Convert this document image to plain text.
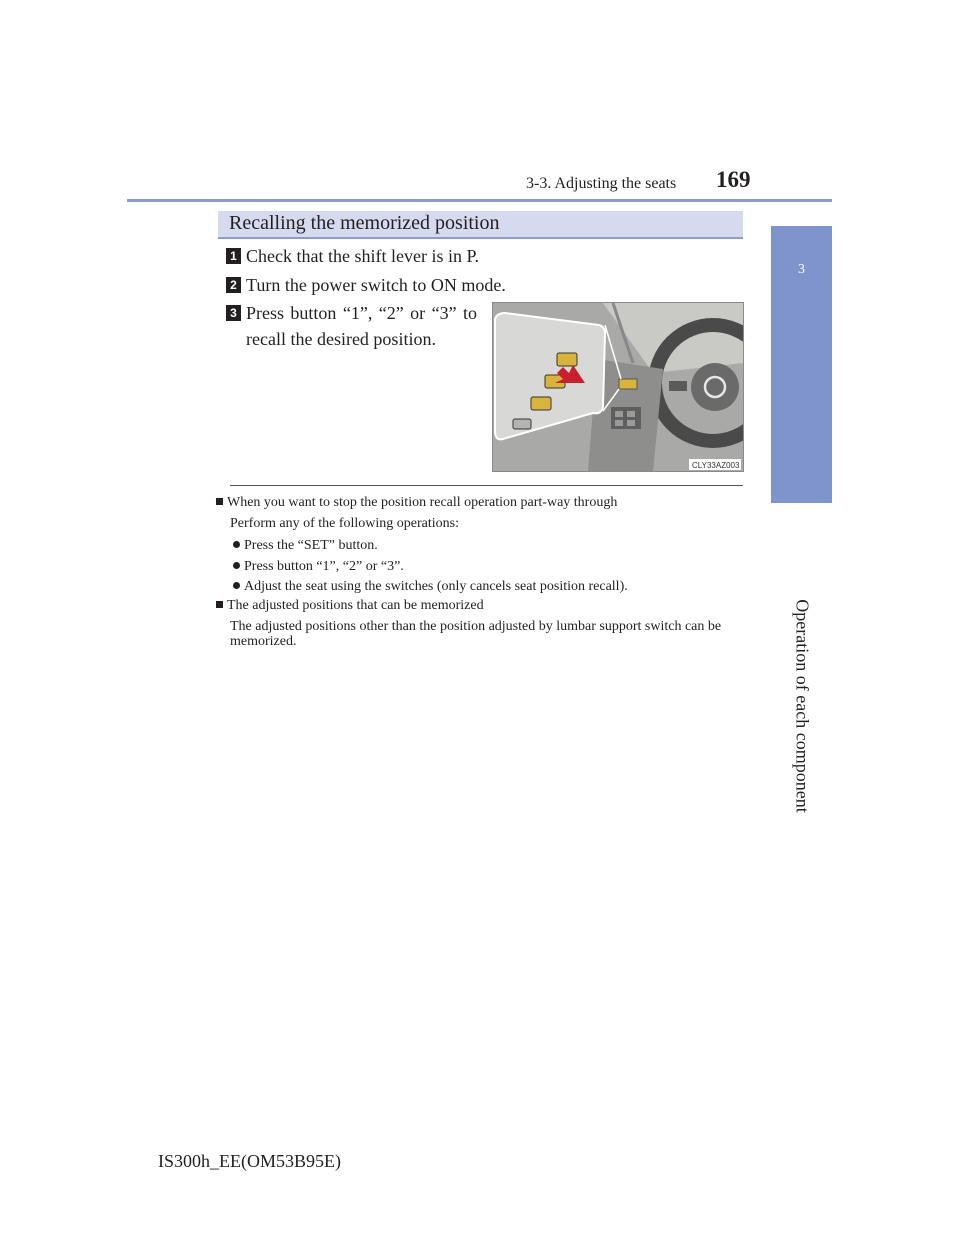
3-3. Adjusting the seats 169
3
Operation of each component
Recalling the memorized position
1 Check that the shift lever is in P.
2 Turn the power switch to ON mode.
3 Press button “1”, “2” or “3” to recall the desired position.
CLY33AZ003
When you want to stop the position recall operation part-way through
Perform any of the following operations:
Press the “SET” button.
Press button “1”, “2” or “3”.
Adjust the seat using the switches (only cancels seat position recall).
The adjusted positions that can be memorized
The adjusted positions other than the position adjusted by lumbar support switch can be memorized.
IS300h_EE(OM53B95E)
